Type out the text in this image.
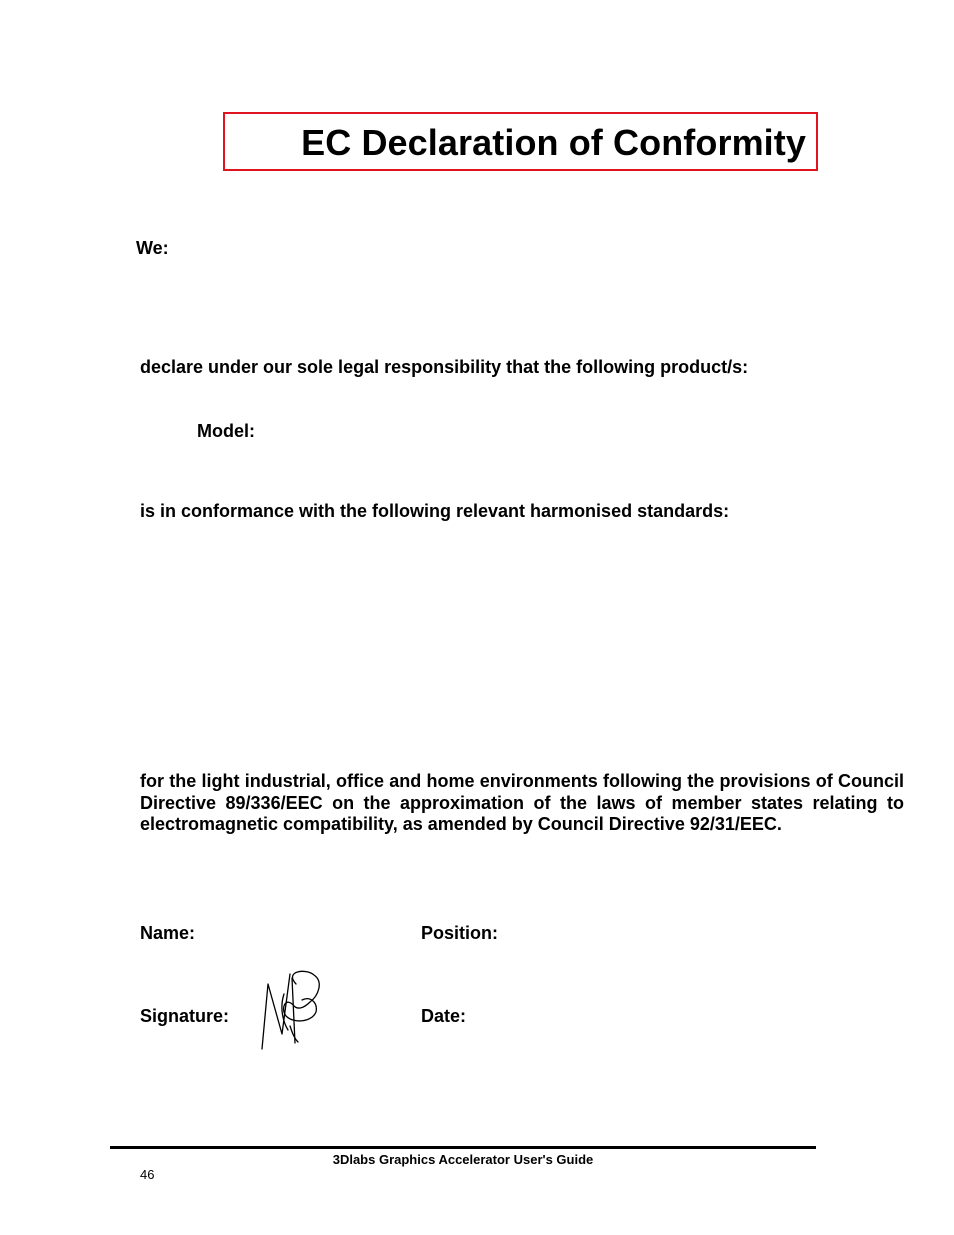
EC Declaration of Conformity
We:
declare under our sole legal responsibility that the following product/s:
Model:
is in conformance with the following relevant harmonised standards:
for the light industrial, office and home environments following the provisions of Council Directive 89/336/EEC on the approximation of the laws of member states relating to electromagnetic compatibility, as amended by Council Directive 92/31/EEC.
Name:	Position:
Signature:	Date:
3Dlabs Graphics Accelerator User's Guide
46
